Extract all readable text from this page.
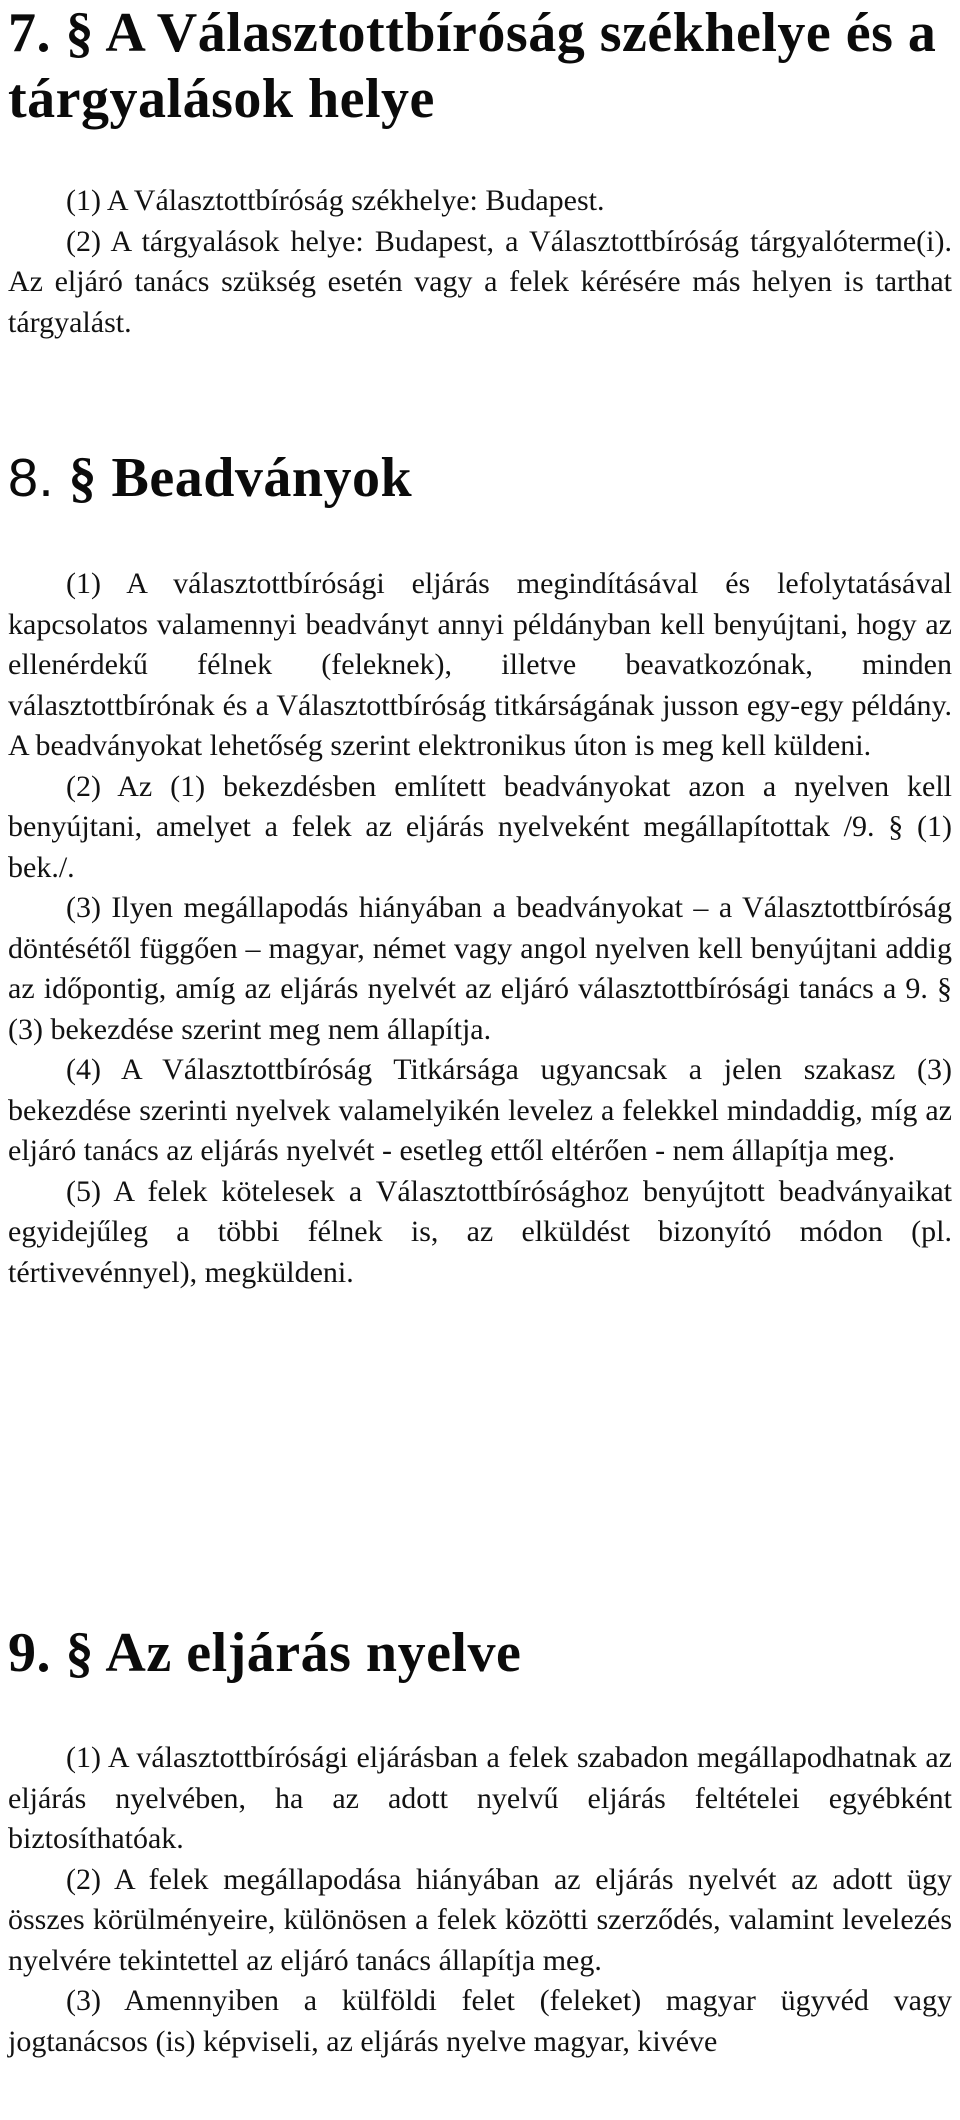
7. § A Választottbíróság székhelye és a tárgyalások helye

(1) A Választottbíróság székhelye: Budapest.

(2) A tárgyalások helye: Budapest, a Választottbíróság tárgyalóterme(i). Az eljáró tanács szükség esetén vagy a felek kérésére más helyen is tarthat tárgyalást.

8. § Beadványok

(1) A választottbírósági eljárás megindításával és lefolytatásával kapcsolatos valamennyi beadványt annyi példányban kell benyújtani, hogy az ellenérdekű félnek (feleknek), illetve beavatkozónak, minden választottbírónak és a Választottbíróság titkárságának jusson egy-egy példány. A beadványokat lehetőség szerint elektronikus úton is meg kell küldeni.

(2) Az (1) bekezdésben említett beadványokat azon a nyelven kell benyújtani, amelyet a felek az eljárás nyelveként megállapítottak /9. § (1) bek./.

(3) Ilyen megállapodás hiányában a beadványokat – a Választottbíróság döntésétől függően – magyar, német vagy angol nyelven kell benyújtani addig az időpontig, amíg az eljárás nyelvét az eljáró választottbírósági tanács a 9. § (3) bekezdése szerint meg nem állapítja.

(4) A Választottbíróság Titkársága ugyancsak a jelen szakasz (3) bekezdése szerinti nyelvek valamelyikén levelez a felekkel mindaddig, míg az eljáró tanács az eljárás nyelvét - esetleg ettől eltérően - nem állapítja meg.

(5) A felek kötelesek a Választottbírósághoz benyújtott beadványaikat egyidejűleg a többi félnek is, az elküldést bizonyító módon (pl. tértivevénnyel), megküldeni.

9. § Az eljárás nyelve

(1) A választottbírósági eljárásban a felek szabadon megállapodhatnak az eljárás nyelvében, ha az adott nyelvű eljárás feltételei egyébként biztosíthatóak.

(2) A felek megállapodása hiányában az eljárás nyelvét az adott ügy összes körülményeire, különösen a felek közötti szerződés, valamint levelezés nyelvére tekintettel az eljáró tanács állapítja meg.

(3) Amennyiben a külföldi felet (feleket) magyar ügyvéd vagy jogtanácsos (is) képviseli, az eljárás nyelve magyar, kivéve
